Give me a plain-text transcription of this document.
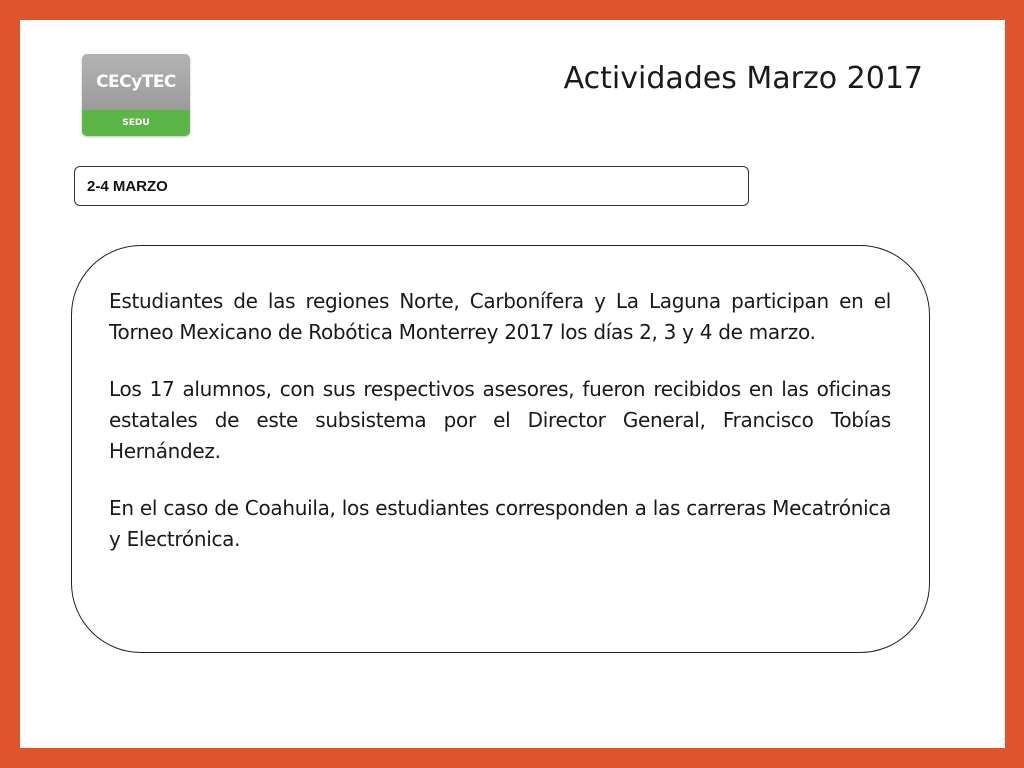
CECyTEC
SEDU
Actividades Marzo 2017
2-4 MARZO

Estudiantes de las regiones Norte, Carbonífera y La Laguna participan en el Torneo Mexicano de Robótica Monterrey 2017 los días 2, 3 y 4 de marzo.

Los 17 alumnos, con sus respectivos asesores, fueron recibidos en las oficinas estatales de este subsistema por el Director General, Francisco Tobías Hernández.

En el caso de Coahuila, los estudiantes corresponden a las carreras Mecatrónica y Electrónica.
